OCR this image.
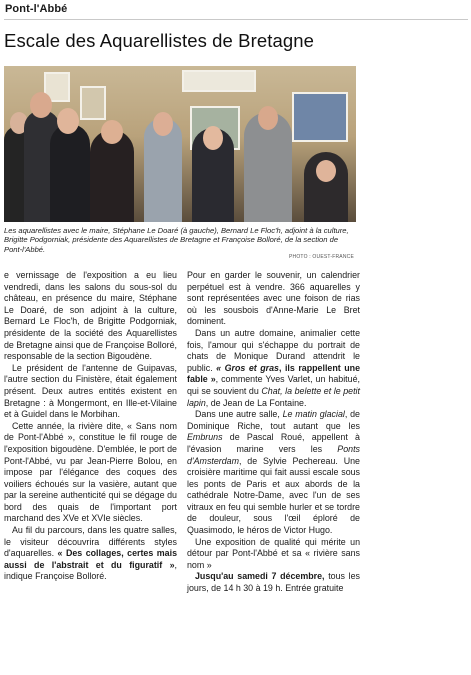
Pont-l'Abbé
Escale des Aquarellistes de Bretagne
Les aquarellistes avec le maire, Stéphane Le Doaré (à gauche), Bernard Le Floc'h, adjoint à la culture, Brigitte Podgorniak, présidente des Aquarellistes de Bretagne et Françoise Bolloré, de la section de Pont-l'Abbé.
PHOTO : OUEST-FRANCE

e vernissage de l'exposition a eu lieu vendredi, dans les salons du sous-sol du château, en présence du maire, Stéphane Le Doaré, de son adjoint à la culture, Bernard Le Floc'h, de Brigitte Podgorniak, présidente de la société des Aquarellistes de Bretagne ainsi que de Françoise Bolloré, responsable de la section Bigoudène.

Le président de l'antenne de Guipavas, l'autre section du Finistère, était également présent. Deux autres entités existent en Bretagne : à Mongermont, en Ille-et-Vilaine et à Guidel dans le Morbihan.

Cette année, la rivière dite, « Sans nom de Pont-l'Abbé », constitue le fil rouge de l'exposition bigoudène. D'emblée, le port de Pont-l'Abbé, vu par Jean-Pierre Bolou, en impose par l'élégance des coques des voiliers échoués sur la vasière, autant que par la sereine authenticité qui se dégage du bord des quais de l'important port marchand des XVe et XVIe siècles.

Au fil du parcours, dans les quatre salles, le visiteur découvrira différents styles d'aquarelles. « Des collages, certes mais aussi de l'abstrait et du figuratif », indique Françoise Bolloré.

Pour en garder le souvenir, un calendrier perpétuel est à vendre. 366 aquarelles y sont représentées avec une foison de rias où les sousbois d'Anne-Marie Le Bret dominent.

Dans un autre domaine, animalier cette fois, l'amour qui s'échappe du portrait de chats de Monique Durand attendrit le public. « Gros et gras, ils rappellent une fable », commente Yves Varlet, un habitué, qui se souvient du Chat, la belette et le petit lapin, de Jean de La Fontaine.

Dans une autre salle, Le matin glacial, de Dominique Riche, tout autant que les Embruns de Pascal Roué, appellent à l'évasion marine vers les Ponts d'Amsterdam, de Sylvie Pechereau. Une croisière maritime qui fait aussi escale sous les ponts de Paris et aux abords de la cathédrale Notre-Dame, avec l'un de ses vitraux en feu qui semble hurler et se tordre de douleur, sous l'œil éploré de Quasimodo, le héros de Victor Hugo.

Une exposition de qualité qui mérite un détour par Pont-l'Abbé et sa « rivière sans nom »

Jusqu'au samedi 7 décembre, tous les jours, de 14 h 30 à 19 h. Entrée gratuite
